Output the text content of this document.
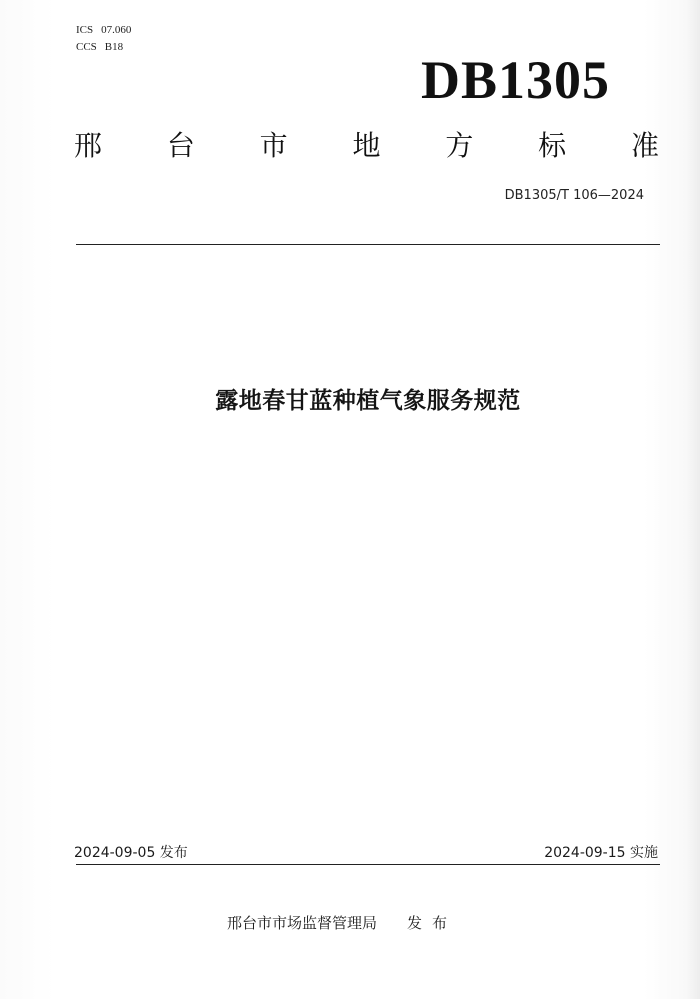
ICS 07.060
CCS B18
DB1305
邢 台 市 地 方 标 准
DB1305/T 106—2024
露地春甘蓝种植气象服务规范
2024-09-05 发布	2024-09-15 实施
邢台市市场监督管理局 发布
